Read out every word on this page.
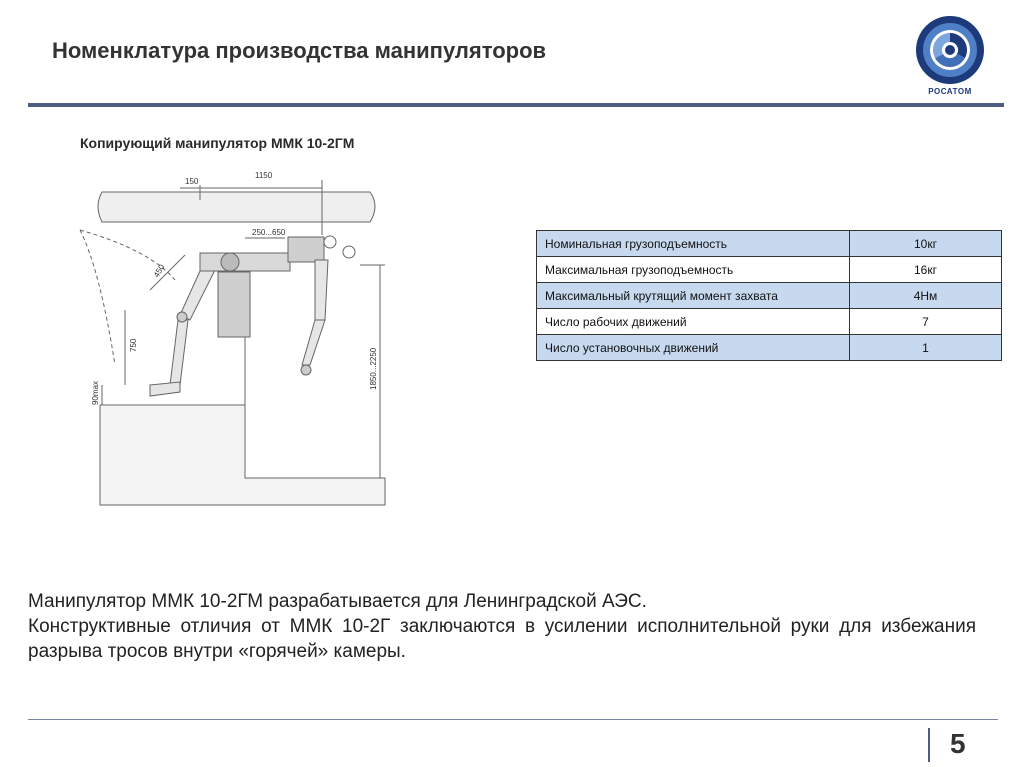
Номенклатура производства манипуляторов
РОСАТОМ
Копирующий манипулятор ММК 10-2ГМ
150
1150
250...650
450
750
90max
1850...2250
Номинальная грузоподъемность	10кг
Максимальная грузоподъемность	16кг
Максимальный крутящий момент захвата	4Нм
Число рабочих движений	7
Число установочных движений	1

Манипулятор ММК 10-2ГМ разрабатывается для Ленинградской АЭС.

Конструктивные отличия от ММК 10-2Г заключаются в усилении исполнительной руки для избежания разрыва тросов внутри «горячей» камеры.

5
